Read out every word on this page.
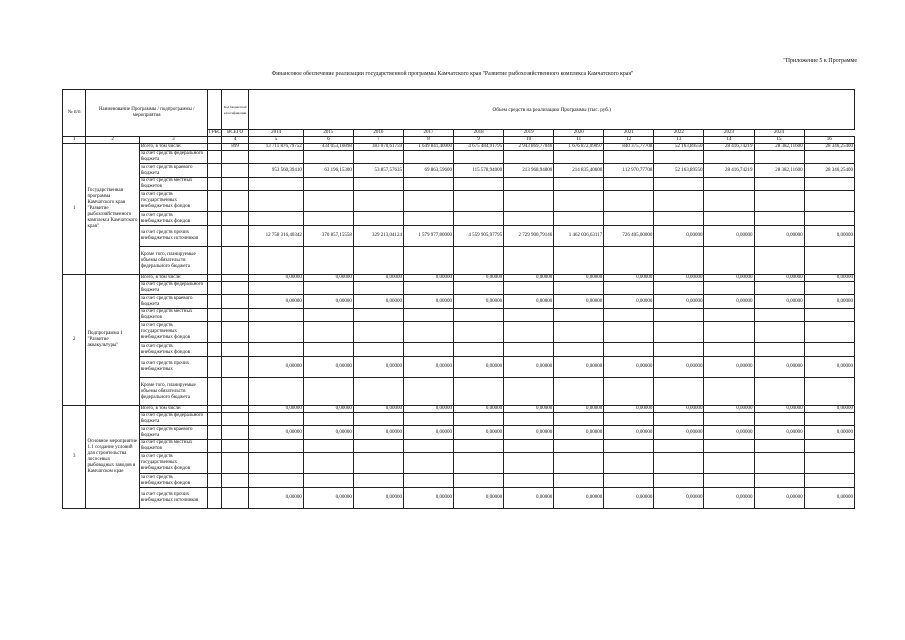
"Приложение 5 к Программе
Финансовое обеспечение реализации государственной программы Камчатского края "Развитие рыбохозяйственного комплекса Камчатского края"
№ п/п	Наименование Программы / подпрограммы / мероприятия			Код бюджетной классификации	Объем средств на реализацию Программы (тыс. руб.)											
			ГРБС	ВСЕГО	2014	2015	2016	2017	2018	2019	2020	2021	2022	2023	2024	
1	2	3		4	5	6	7	8	9	10	11	12	13	14	15	16
1	Государственная программа Камчатского края "Развитие рыбохозяйственного комплекса Камчатского края"	Всего, в том числе:		899	13 711 876,79752	434 053,10898	383 070,61759	1 649 841,40000	4 675 484,91795	2 943 869,77046	1 676 872,09097	840 375,77708	52 163,89550	28 416,74219	28 382,11600	28 346,25400
		за счет средств федерального бюджета														
		за счет средств краевого бюджета			953 560,39410	63 196,15300	53 857,57635	69 863,59600	115 578,94000	213 968,94800	214 835,40600	112 970,77708	52 163,89550	28 416,74219	28 382,11600	28 346,25400
		за счет средств местных бюджетов														
		за счет средств государственных внебюджетных фондов														
		за счет средств внебюджетных фондов														
		за счет средств прочих внебюджетных источников			12 758 316,40342	370 857,15558	329 213,04124	1 579 977,80000	4 559 905,97795	2 729 900,79146	1 462 036,63117	726 405,00000	0,00000	0,00000	0,00000	0,00000
		Кроме того, планируемые объемы обязательств федерального бюджета														
2	Подпрограмма 1 "Развитие аквакультуры"	Всего, в том числе:			0,00000	0,00000	0,00000	0,00000	0,00000	0,00000	0,00000	0,00000	0,00000	0,00000	0,00000	0,00000
		за счет средств федерального бюджета														
		за счет средств краевого бюджета			0,00000	0,00000	0,00000	0,00000	0,00000	0,00000	0,00000	0,00000	0,00000	0,00000	0,00000	0,00000
		за счет средств местных бюджетов														
		за счет средств государственных внебюджетных фондов														
		за счет средств внебюджетных фондов														
		за счет средств прочих внебюджетных			0,00000	0,00000	0,00000	0,00000	0,00000	0,00000	0,00000	0,00000	0,00000	0,00000	0,00000	0,00000
		Кроме того, планируемые объемы обязательств федерального бюджета														
3	Основное мероприятие 1.1 создание условий для строительства лососевых рыбоводных заводов в Камчатском крае	Всего, в том числе:			0,00000	0,00000	0,00000	0,00000	0,00000	0,00000	0,00000	0,00000	0,00000	0,00000	0,00000	0,00000
		за счет средств федерального бюджета														
		за счет средств краевого бюджета			0,00000	0,00000	0,00000	0,00000	0,00000	0,00000	0,00000	0,00000	0,00000	0,00000	0,00000	0,00000
		за счет средств местных бюджетов														
		за счет средств государственных внебюджетных фондов														
		за счет средств внебюджетных фондов														
		за счет средств прочих внебюджетных источников			0,00000	0,00000	0,00000	0,00000	0,00000	0,00000	0,00000	0,00000	0,00000	0,00000	0,00000	0,00000
